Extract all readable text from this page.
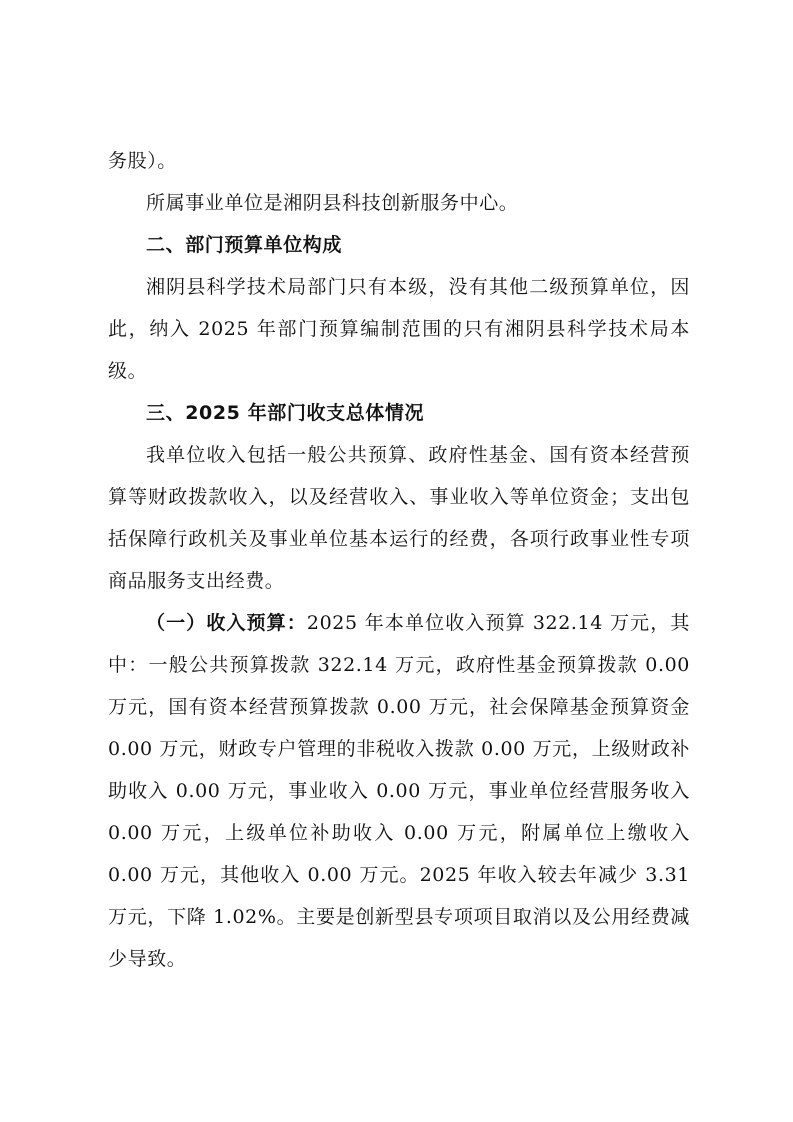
务股）。

所属事业单位是湘阴县科技创新服务中心。

二、部门预算单位构成

湘阴县科学技术局部门只有本级，没有其他二级预算单位，因此，纳入 2025 年部门预算编制范围的只有湘阴县科学技术局本级。

三、2025 年部门收支总体情况

我单位收入包括一般公共预算、政府性基金、国有资本经营预算等财政拨款收入，以及经营收入、事业收入等单位资金；支出包括保障行政机关及事业单位基本运行的经费，各项行政事业性专项商品服务支出经费。

（一）收入预算：2025 年本单位收入预算 322.14 万元，其中：一般公共预算拨款 322.14 万元，政府性基金预算拨款 0.00 万元，国有资本经营预算拨款 0.00 万元，社会保障基金预算资金 0.00 万元，财政专户管理的非税收入拨款 0.00 万元，上级财政补助收入 0.00 万元，事业收入 0.00 万元，事业单位经营服务收入 0.00 万元，上级单位补助收入 0.00 万元，附属单位上缴收入 0.00 万元，其他收入 0.00 万元。2025 年收入较去年减少 3.31 万元，下降 1.02%。主要是创新型县专项项目取消以及公用经费减少导致。
